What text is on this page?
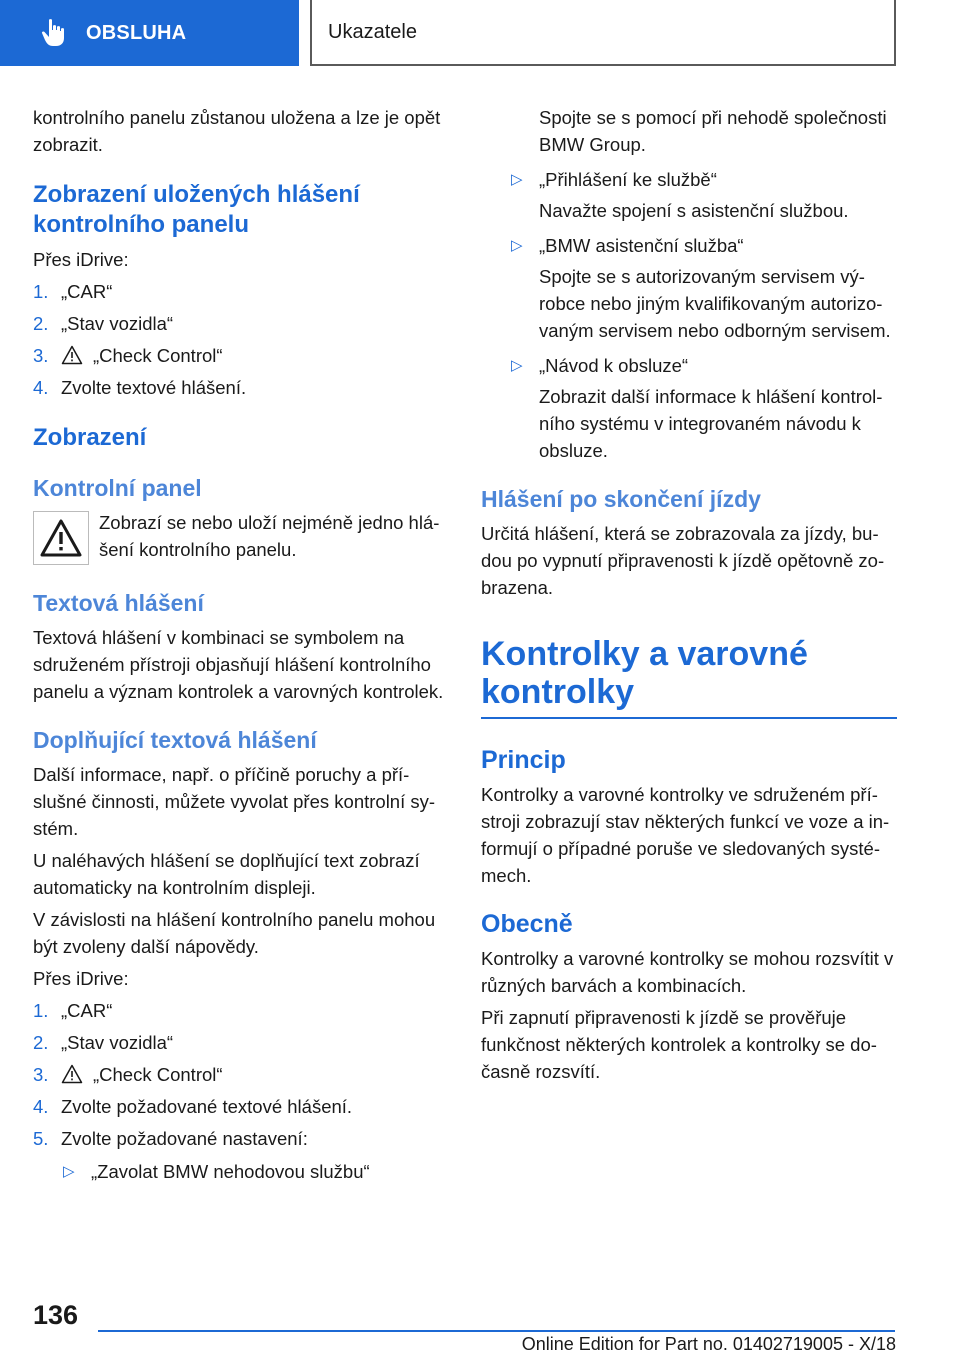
OBSLUHA	Ukazatele

kontrolního panelu zůstanou uložena a lze je opět zobrazit.

Zobrazení uložených hlášení kontrolního panelu

Přes iDrive:

1. „CAR“
2. „Stav vozidla“
3.	„Check Control“
4. Zvolte textové hlášení.
Zobrazení
Kontrolní panel

Zobrazí se nebo uloží nejméně jedno hlášení kontrolního panelu.

Textová hlášení

Textová hlášení v kombinaci se symbolem na sdruženém přístroji objasňují hlášení kontrolního panelu a význam kontrolek a varovných kontrolek.

Doplňující textová hlášení

Další informace, např. o příčině poruchy a příslušné činnosti, můžete vyvolat přes kontrolní systém.

U naléhavých hlášení se doplňující text zobrazí automaticky na kontrolním displeji.

V závislosti na hlášení kontrolního panelu mohou být zvoleny další nápovědy.

Přes iDrive:

1. „CAR“
2. „Stav vozidla“
3.	„Check Control“
4. Zvolte požadované textové hlášení.
5. Zvolte požadované nastavení:
▷ „Zavolat BMW nehodovou službu“

Spojte se s pomocí při nehodě společnosti BMW Group.

▷ „Přihlášení ke službě“

Navažte spojení s asistenční službou.

▷ „BMW asistenční služba“

Spojte se s autorizovaným servisem výrobce nebo jiným kvalifikovaným autorizovaným servisem nebo odborným servisem.

▷ „Návod k obsluze“

Zobrazit další informace k hlášení kontrolního systému v integrovaném návodu k obsluze.

Hlášení po skončení jízdy

Určitá hlášení, která se zobrazovala za jízdy, budou po vypnutí připravenosti k jízdě opětovně zobrazena.

Kontrolky a varovné kontrolky
Princip

Kontrolky a varovné kontrolky ve sdruženém přístroji zobrazují stav některých funkcí ve voze a informují o případné poruše ve sledovaných systémech.

Obecně

Kontrolky a varovné kontrolky se mohou rozsvítit v různých barvách a kombinacích.

Při zapnutí připravenosti k jízdě se prověřuje funkčnost některých kontrolek a kontrolky se dočasně rozsvítí.

136
Online Edition for Part no. 01402719005 - X/18
